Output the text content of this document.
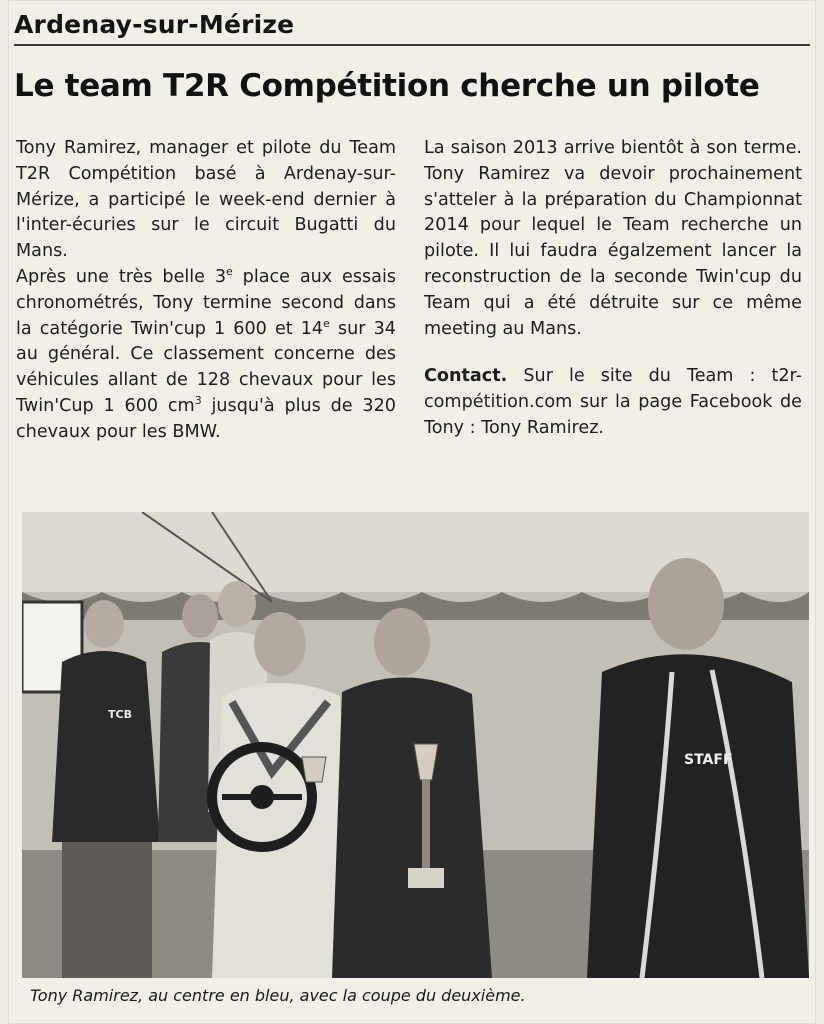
Ardenay-sur-Mérize
Le team T2R Compétition cherche un pilote

Tony Ramirez, manager et pilote du Team T2R Compétition basé à Ardenay-sur-Mérize, a participé le week-end dernier à l'inter-écuries sur le circuit Bugatti du Mans.

Après une très belle 3e place aux essais chronométrés, Tony termine second dans la catégorie Twin'cup 1 600 et 14e sur 34 au général. Ce classement concerne des véhicules allant de 128 chevaux pour les Twin'Cup 1 600 $cm^3$ jusqu'à plus de 320 chevaux pour les BMW.

La saison 2013 arrive bientôt à son terme. Tony Ramirez va devoir prochainement s'atteler à la préparation du Championnat 2014 pour lequel le Team recherche un pilote. Il lui faudra égalzement lancer la reconstruction de la seconde Twin'cup du Team qui a été détruite sur ce même meeting au Mans.

Contact. Sur le site du Team : t2r-compétition.com sur la page Facebook de Tony : Tony Ramirez.

TCB
STAFF
Tony Ramirez, au centre en bleu, avec la coupe du deuxième.
